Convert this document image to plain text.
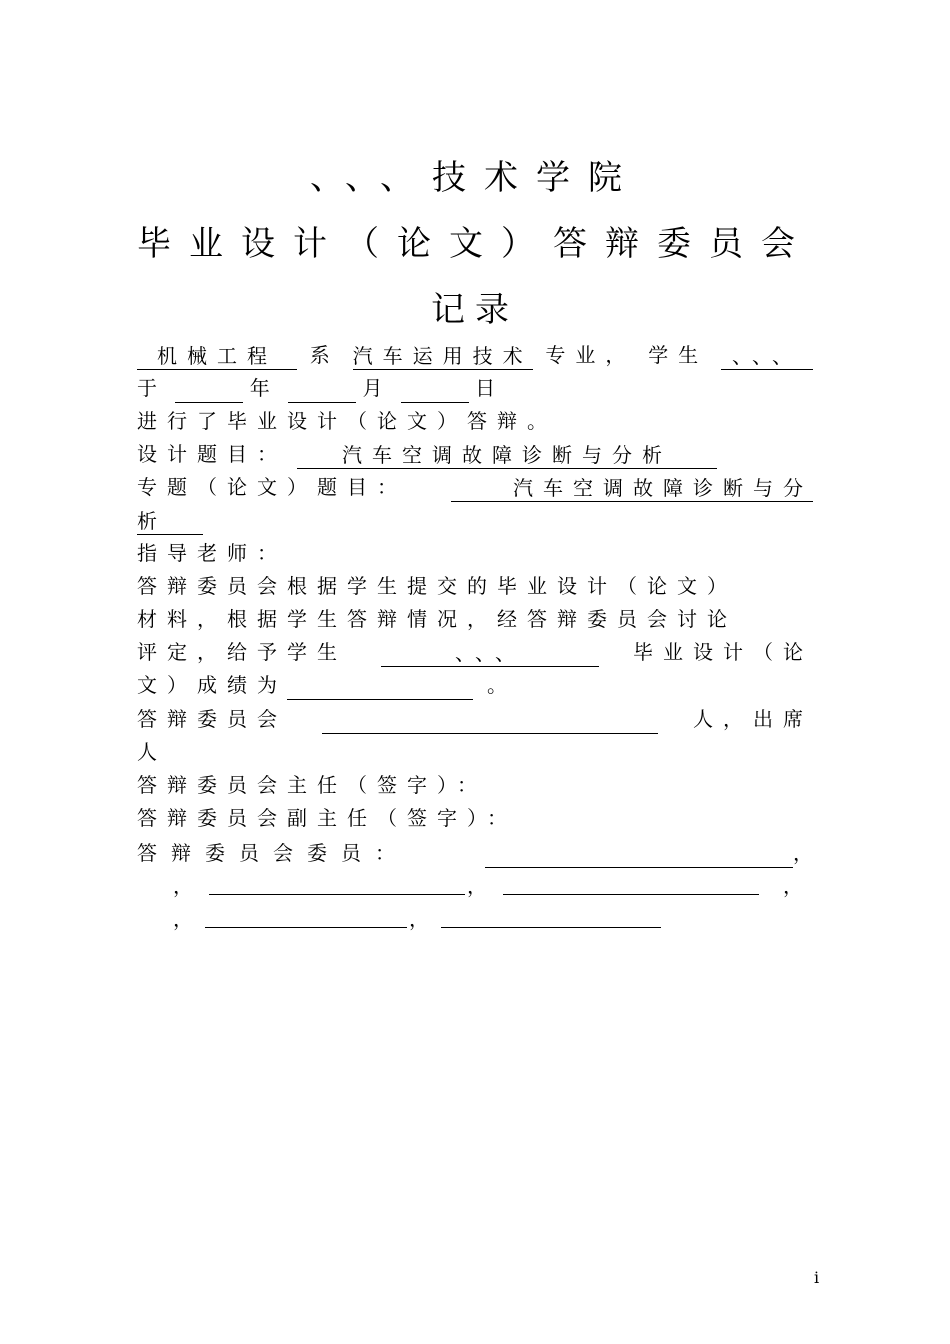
、、、技术学院
毕业设计（论文）答辩委员会
记录
机械工程	系 汽车运用技术 专业， 学生	、、、
于	年	月	日
进行了毕业设计（论文）答辩。
设计题目：	汽车空调故障诊断与分析
专题（论文）题目：	汽车空调故障诊断与分
析
指导老师：
答辩委员会根据学生提交的毕业设计（论文）
材料，根据学生答辩情况，经答辩委员会讨论
评定，给予学生	、、、	毕业设计（论
文）成绩为	。
答辩委员会	人，出席
人
答辩委员会主任（签字）：
答辩委员会副主任（签字）：
答辩委员会委员：	，
，	，	，
，	，
i
